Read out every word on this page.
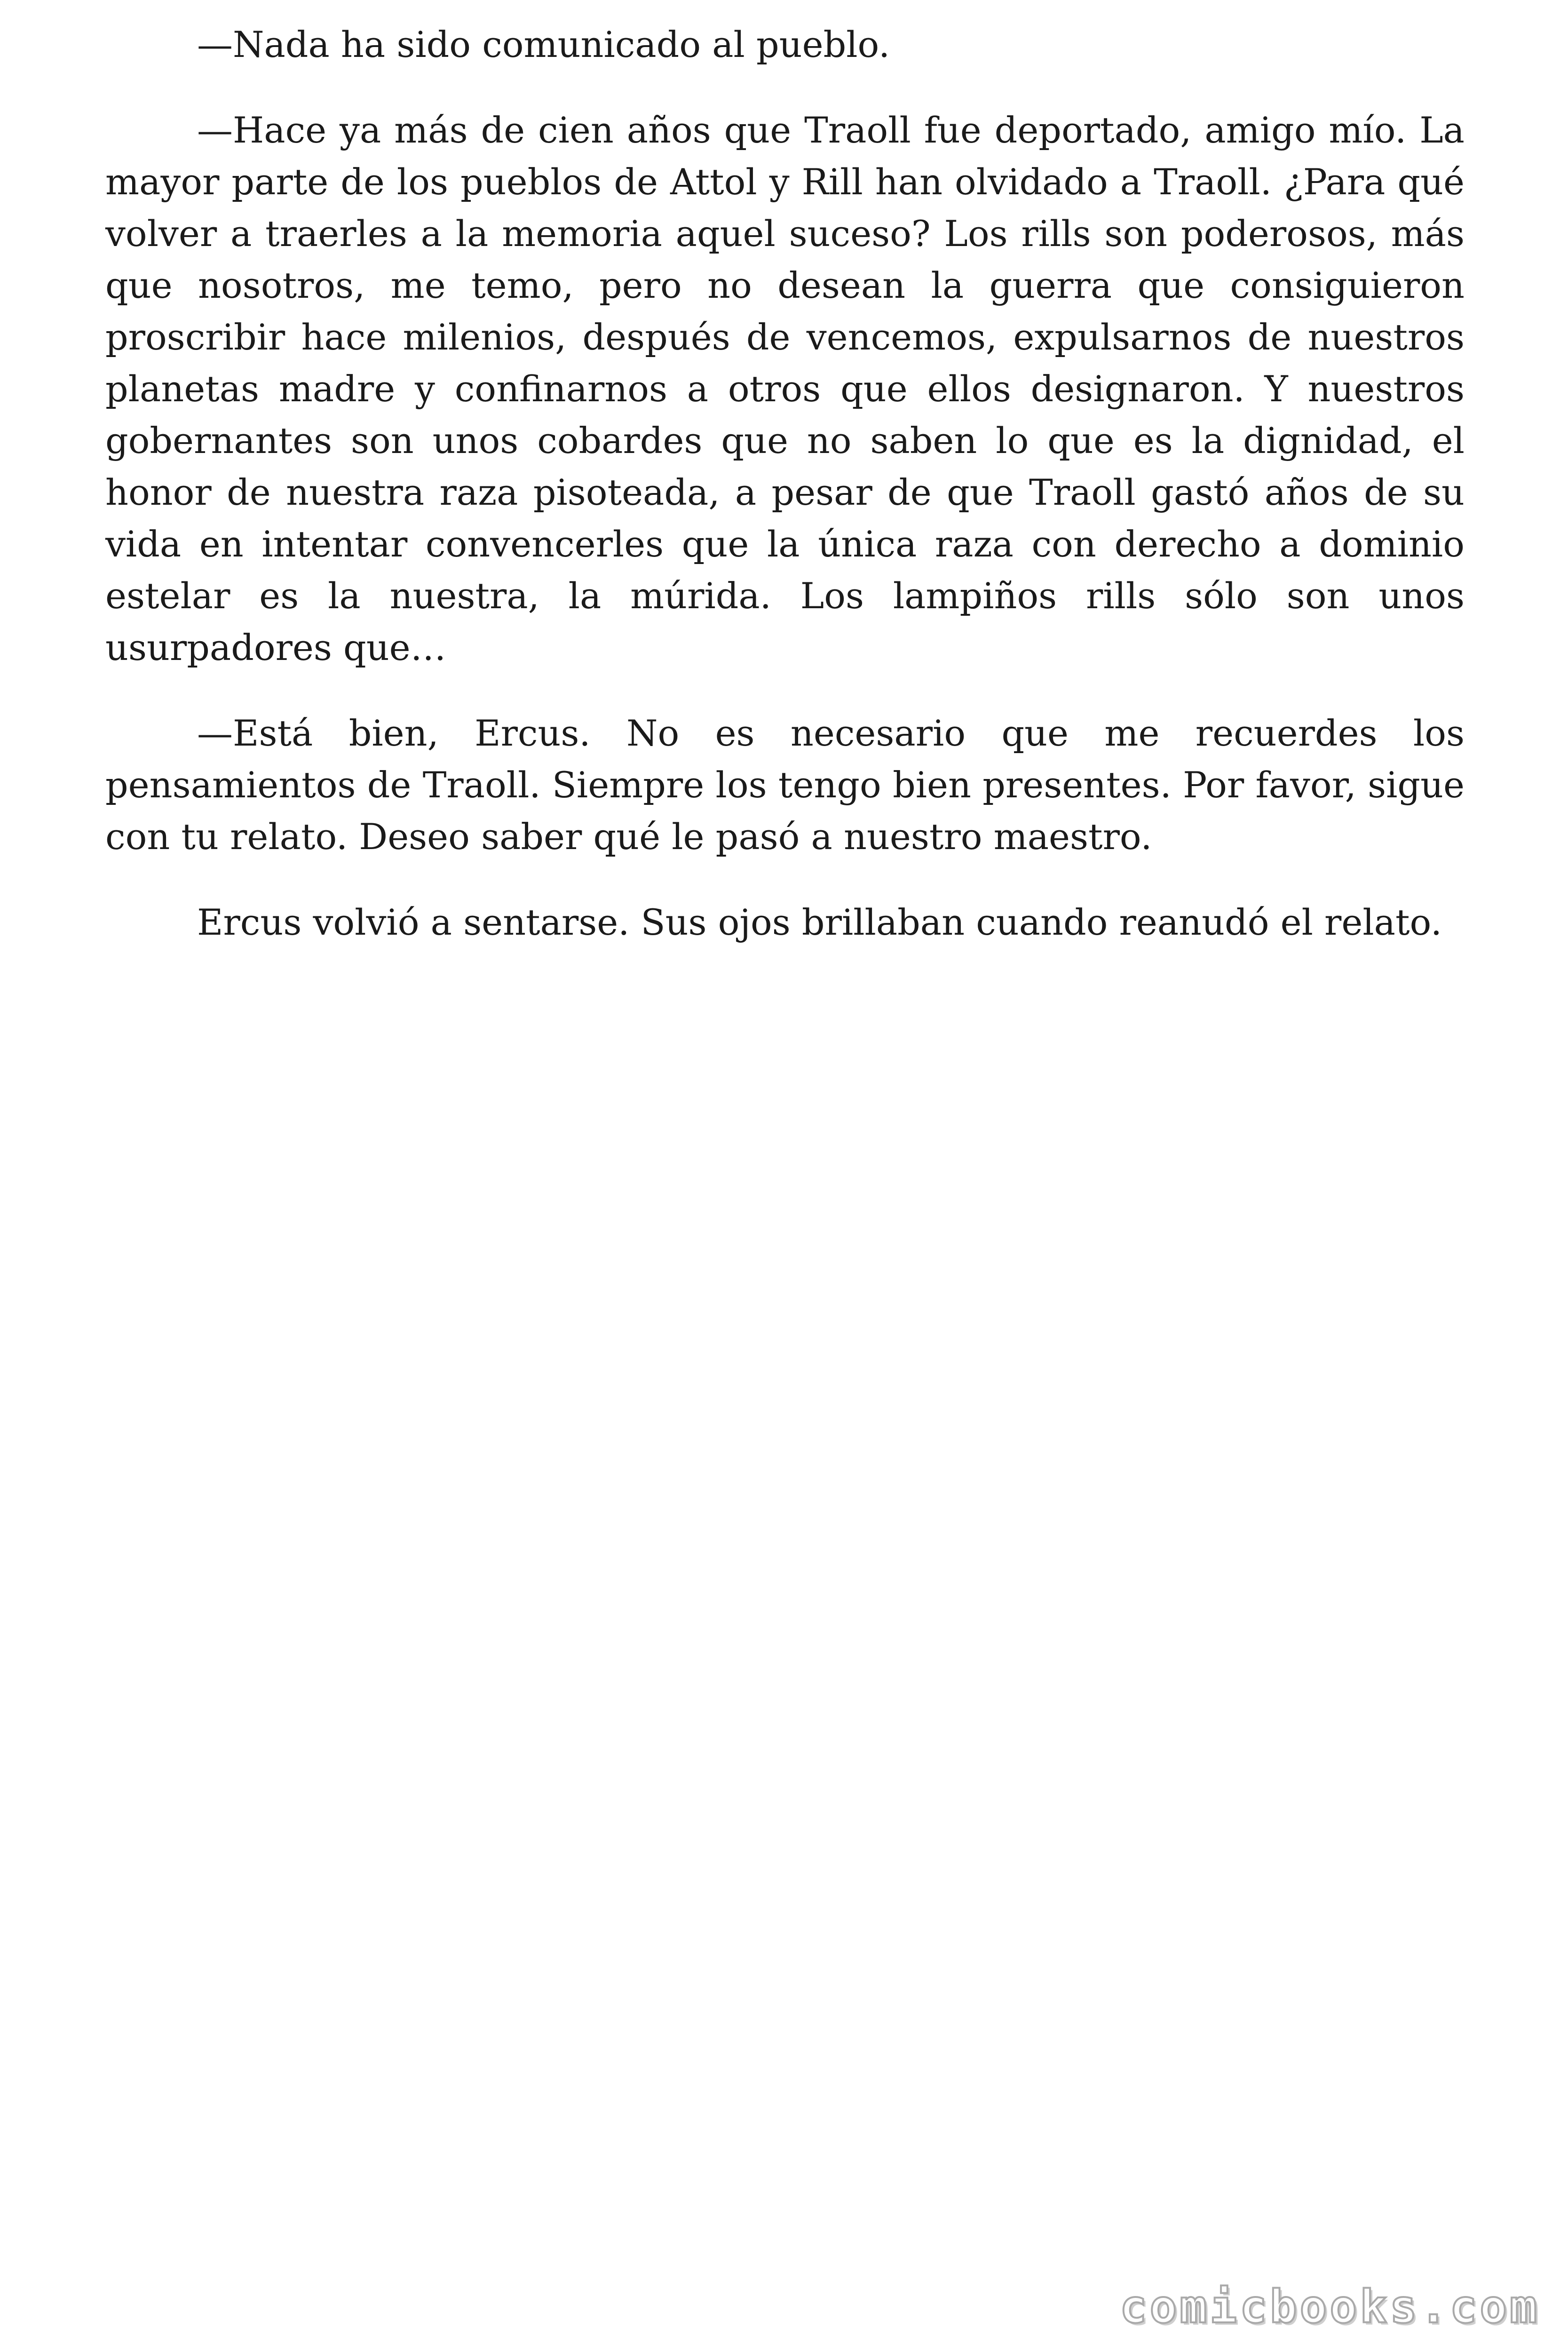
—Nada ha sido comunicado al pueblo.

—Hace ya más de cien años que Traoll fue deportado, amigo mío. La mayor parte de los pueblos de Attol y Rill han olvidado a Traoll. ¿Para qué volver a traerles a la memoria aquel suceso? Los rills son poderosos, más que nosotros, me temo, pero no desean la guerra que consiguieron proscribir hace milenios, después de vencemos, expulsarnos de nuestros planetas madre y confinarnos a otros que ellos designaron. Y nuestros gobernantes son unos cobardes que no saben lo que es la dignidad, el honor de nuestra raza pisoteada, a pesar de que Traoll gastó años de su vida en intentar convencerles que la única raza con derecho a dominio estelar es la nuestra, la múrida. Los lampiños rills sólo son unos usurpadores que…

—Está bien, Ercus. No es necesario que me recuerdes los pensamientos de Traoll. Siempre los tengo bien presentes. Por favor, sigue con tu relato. Deseo saber qué le pasó a nuestro maestro.

Ercus volvió a sentarse. Sus ojos brillaban cuando reanudó el relato.

comicbooks.com
